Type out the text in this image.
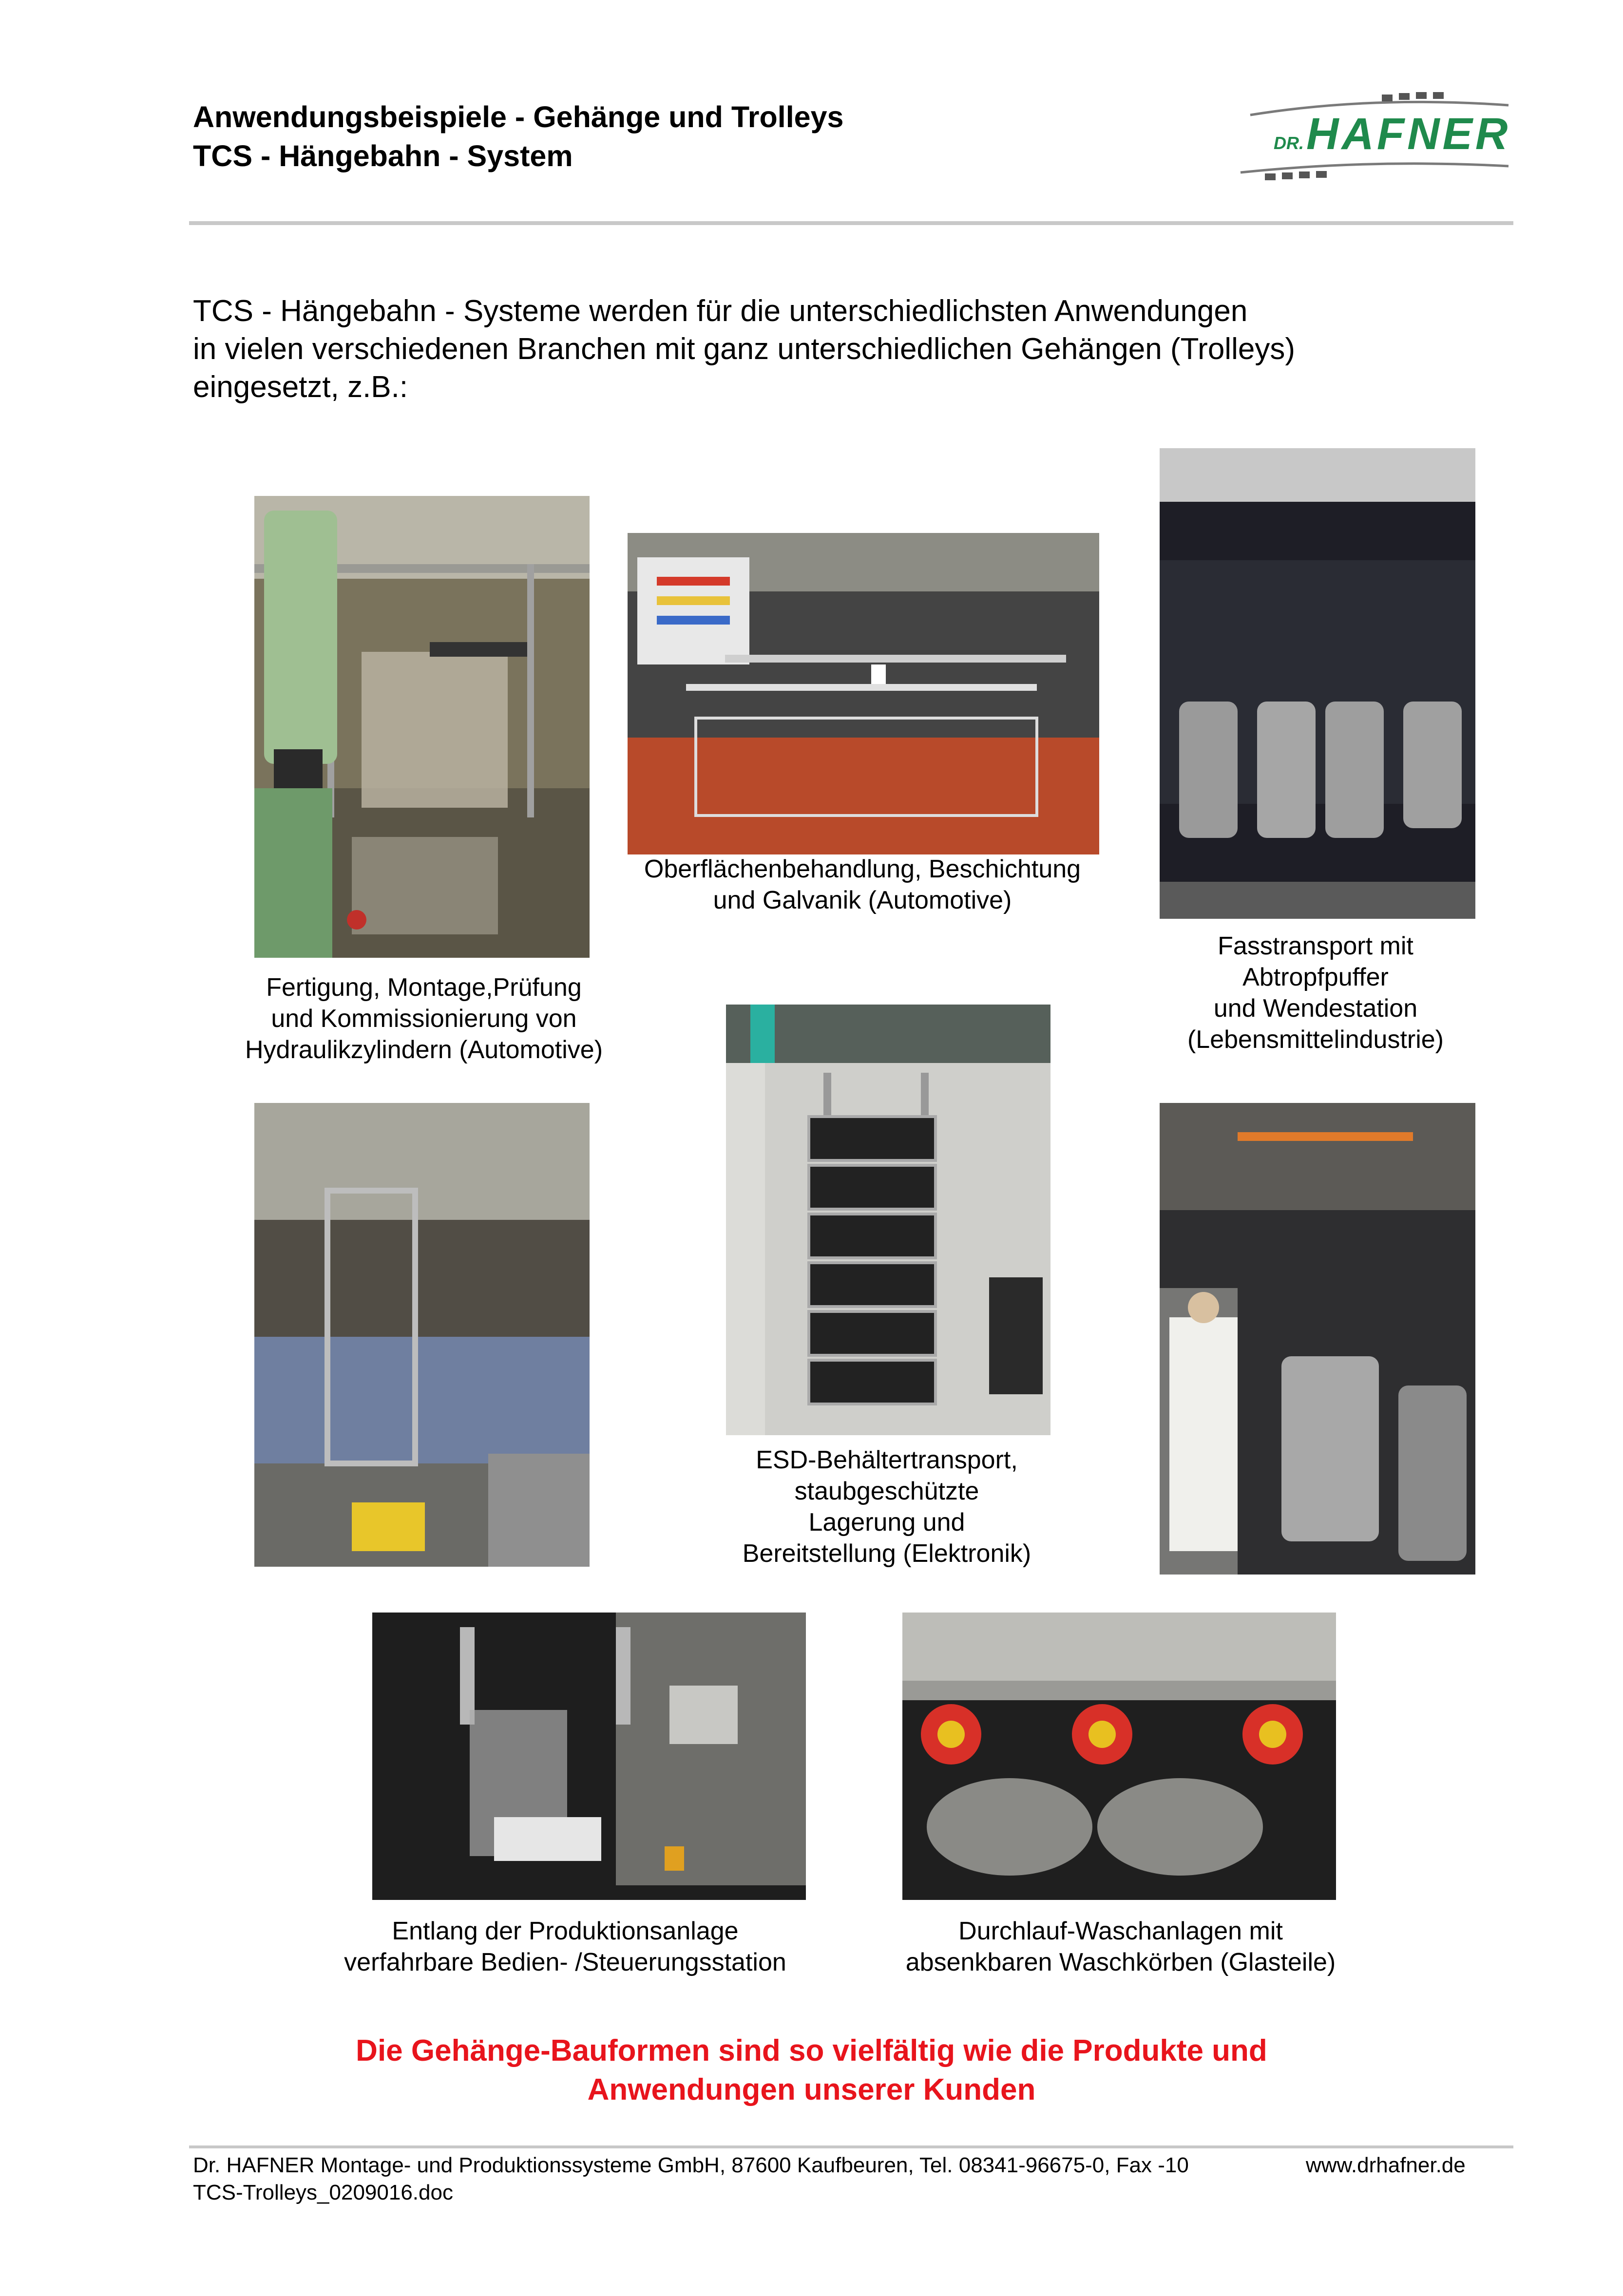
Anwendungsbeispiele - Gehänge und Trolleys
TCS - Hängebahn - System	DR. HAFNER
TCS - Hängebahn - Systeme werden für die unterschiedlichsten Anwendungen
in vielen verschiedenen Branchen mit ganz unterschiedlichen Gehängen (Trolleys)
eingesetzt, z.B.:
Fertigung, Montage,Prüfung
und Kommissionierung von
Hydraulikzylindern (Automotive)
Oberflächenbehandlung, Beschichtung
und Galvanik (Automotive)
Fasstransport mit
Abtropfpuffer
und Wendestation
(Lebensmittelindustrie)
ESD-Behältertransport,
staubgeschützte
Lagerung und
Bereitstellung (Elektronik)
Entlang der Produktionsanlage
verfahrbare Bedien- /Steuerungsstation
Durchlauf-Waschanlagen mit
absenkbaren Waschkörben (Glasteile)
Die Gehänge-Bauformen sind so vielfältig wie die Produkte und
Anwendungen unserer Kunden
Dr. HAFNER Montage- und Produktionssysteme GmbH, 87600 Kaufbeuren, Tel. 08341-96675-0, Fax -10	www.drhafner.de
TCS-Trolleys_0209016.doc
